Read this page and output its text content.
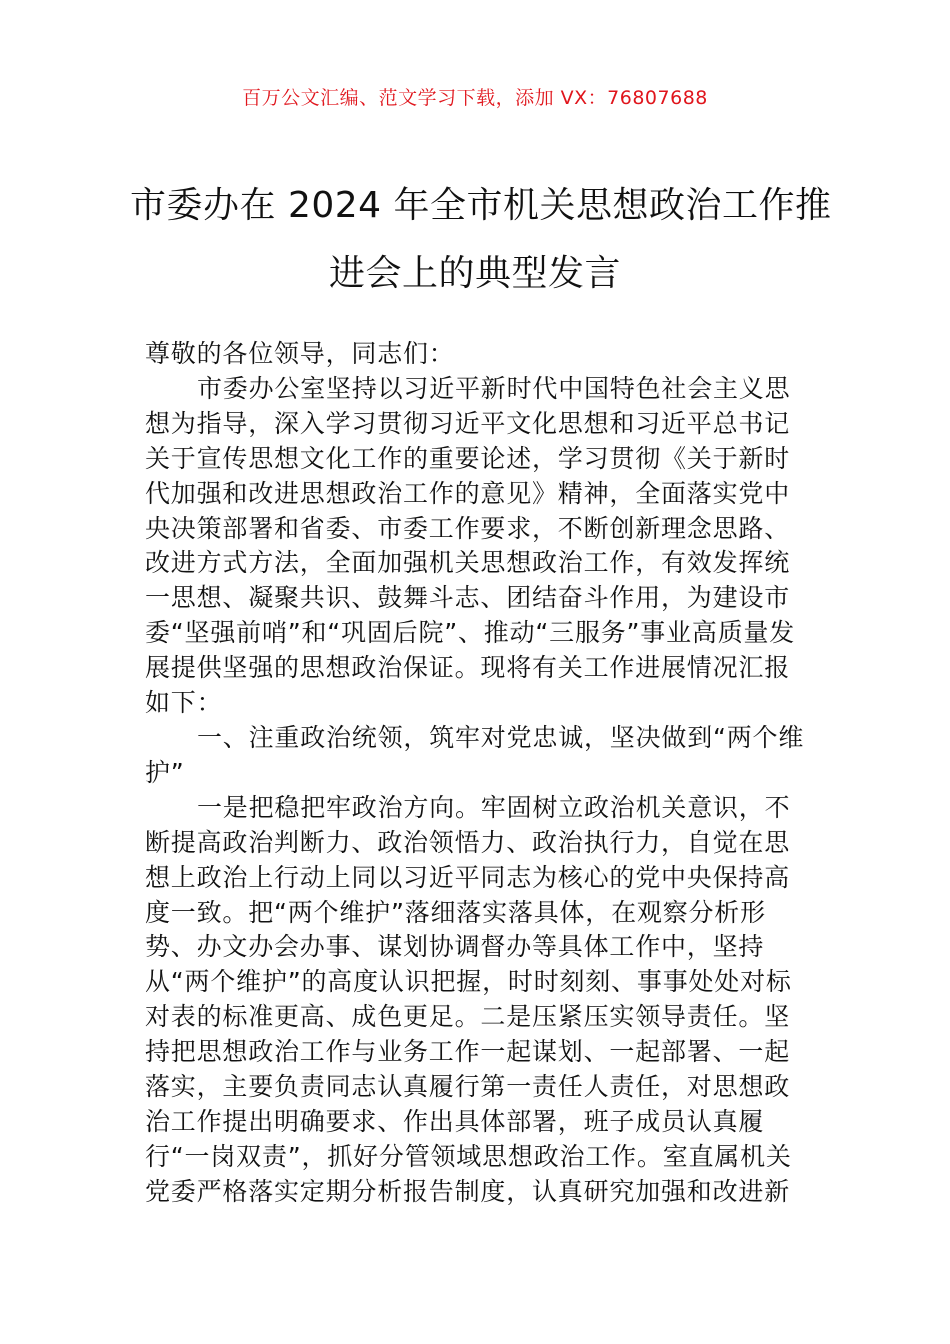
百万公文汇编、范文学习下载，添加 VX：76807688
市委办在 2024 年全市机关思想政治工作推
进会上的典型发言

尊敬的各位领导，同志们：

市委办公室坚持以习近平新时代中国特色社会主义思想为指导，深入学习贯彻习近平文化思想和习近平总书记关于宣传思想文化工作的重要论述，学习贯彻《关于新时代加强和改进思想政治工作的意见》精神，全面落实党中央决策部署和省委、市委工作要求，不断创新理念思路、改进方式方法，全面加强机关思想政治工作，有效发挥统一思想、凝聚共识、鼓舞斗志、团结奋斗作用，为建设市委“坚强前哨”和“巩固后院”、推动“三服务”事业高质量发展提供坚强的思想政治保证。现将有关工作进展情况汇报如下：

一、注重政治统领，筑牢对党忠诚，坚决做到“两个维护”

一是把稳把牢政治方向。牢固树立政治机关意识，不断提高政治判断力、政治领悟力、政治执行力，自觉在思想上政治上行动上同以习近平同志为核心的党中央保持高度一致。把“两个维护”落细落实落具体，在观察分析形势、办文办会办事、谋划协调督办等具体工作中，坚持从“两个维护”的高度认识把握，时时刻刻、事事处处对标对表的标准更高、成色更足。二是压紧压实领导责任。坚持把思想政治工作与业务工作一起谋划、一起部署、一起落实，主要负责同志认真履行第一责任人责任，对思想政治工作提出明确要求、作出具体部署，班子成员认真履行“一岗双责”，抓好分管领域思想政治工作。室直属机关党委严格落实定期分析报告制度，认真研究加强和改进新
